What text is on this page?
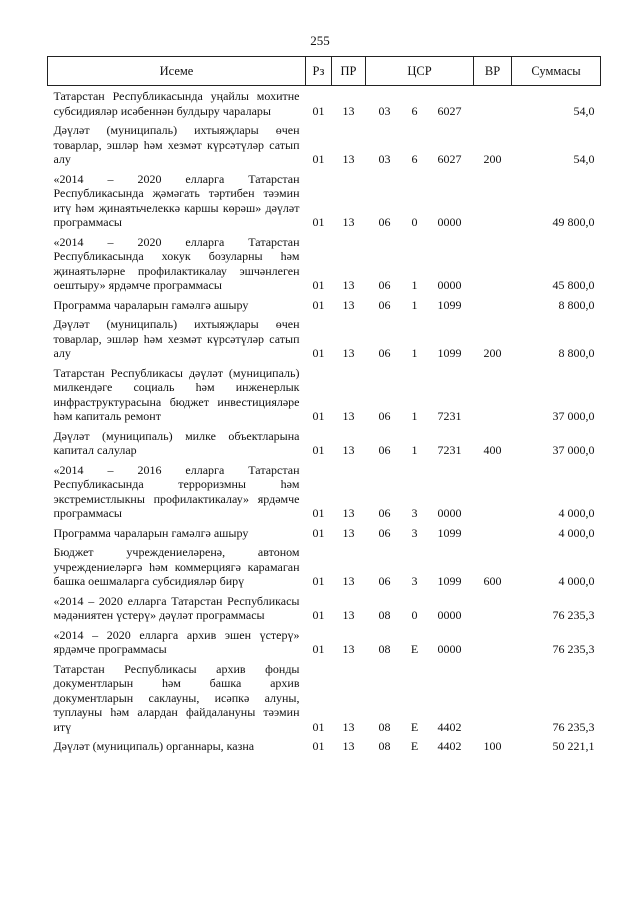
255
Исеме	Рз	ПР	ЦСР			ВР	Суммасы
Татарстан Республикасында уңайлы мохитне субсидияләр исәбеннән булдыру чаралары	01	13	03	6	6027		54,0
Дәүләт (муниципаль) ихтыяҗлары өчен товарлар, эшләр һәм хезмәт күрсәтүләр сатып алу	01	13	03	6	6027	200	54,0
«2014 – 2020 елларга Татарстан Республикасында җәмәгать тәртибен тәэмин итү һәм җинаятьчелеккә каршы көрәш» дәүләт программасы	01	13	06	0	0000		49 800,0
«2014 – 2020 елларга Татарстан Республикасында хокук бозуларны һәм җинаятьләрне профилактикалау эшчәнлеген оештыру» ярдәмче программасы	01	13	06	1	0000		45 800,0
Программа чараларын гамәлгә ашыру	01	13	06	1	1099		8 800,0
Дәүләт (муниципаль) ихтыяҗлары өчен товарлар, эшләр һәм хезмәт күрсәтүләр сатып алу	01	13	06	1	1099	200	8 800,0
Татарстан Республикасы дәүләт (муниципаль) милкендәге социаль һәм инженерлык инфраструктурасына бюджет инвестицияләре һәм капиталь ремонт	01	13	06	1	7231		37 000,0
Дәүләт (муниципаль) милке объектларына капитал салулар	01	13	06	1	7231	400	37 000,0
«2014 – 2016 елларга Татарстан Республикасында терроризмны һәм экстремистлыкны профилактикалау» ярдәмче программасы	01	13	06	3	0000		4 000,0
Программа чараларын гамәлгә ашыру	01	13	06	3	1099		4 000,0
Бюджет учреждениеләренә, автоном учреждениеләргә һәм коммерциягә карамаган башка оешмаларга субсидияләр бирү	01	13	06	3	1099	600	4 000,0
«2014 – 2020 елларга Татарстан Республикасы мәдәниятен үстерү» дәүләт программасы	01	13	08	0	0000		76 235,3
«2014 – 2020 елларга архив эшен үстерү» ярдәмче программасы	01	13	08	Е	0000		76 235,3
Татарстан Республикасы архив фонды документларын һәм башка архив документларын саклауны, исәпкә алуны, туплауны һәм алардан файдалануны тәэмин итү	01	13	08	Е	4402		76 235,3
Дәүләт (муниципаль) органнары, казна	01	13	08	Е	4402	100	50 221,1
